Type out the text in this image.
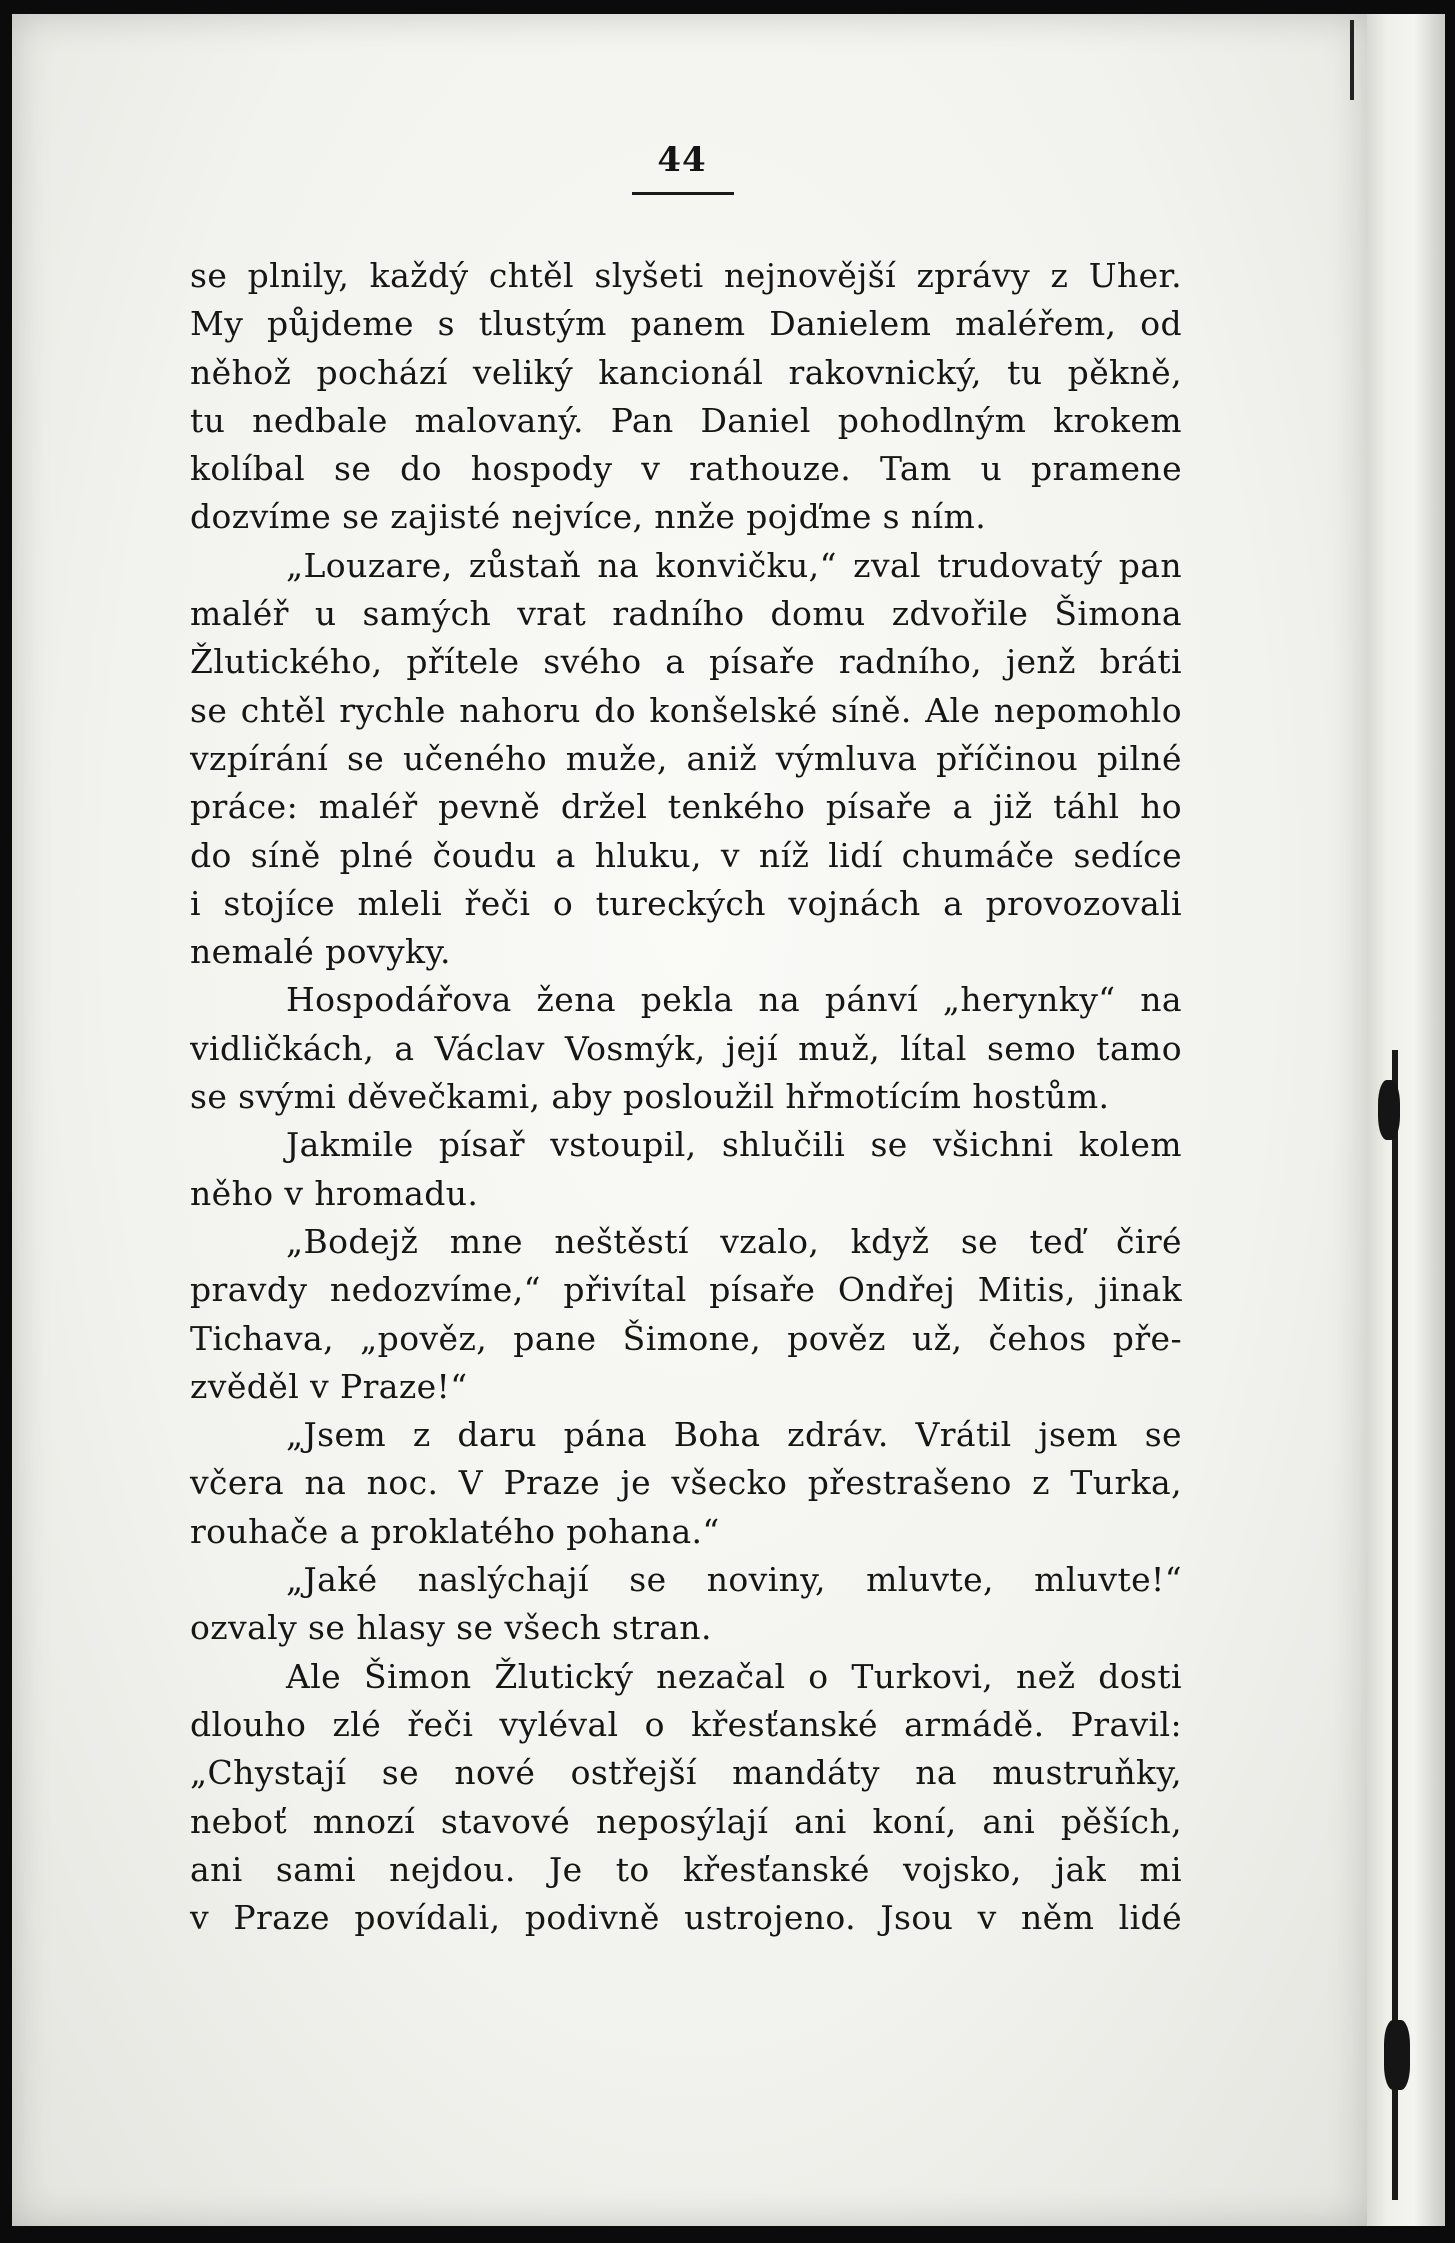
44
se plnily, každý chtěl slyšeti nejnovější zprávy z Uher.
My půjdeme s tlustým panem Danielem maléřem, od
něhož pochází veliký kancionál rakovnický, tu pěkně,
tu nedbale malovaný. Pan Daniel pohodlným krokem
kolíbal se do hospody v rathouze. Tam u pramene
dozvíme se zajisté nejvíce, nnže pojďme s ním.
„Louzare, zůstaň na konvičku,“ zval trudovatý pan
maléř u samých vrat radního domu zdvořile Šimona
Žlutického, přítele svého a písaře radního, jenž bráti
se chtěl rychle nahoru do konšelské síně. Ale nepomohlo
vzpírání se učeného muže, aniž výmluva příčinou pilné
práce: maléř pevně držel tenkého písaře a již táhl ho
do síně plné čoudu a hluku, v níž lidí chumáče sedíce
i stojíce mleli řeči o tureckých vojnách a provozovali
nemalé povyky.
Hospodářova žena pekla na pánví „herynky“ na
vidličkách, a Václav Vosmýk, její muž, lítal semo tamo
se svými děvečkami, aby posloužil hřmotícím hostům.
Jakmile písař vstoupil, shlučili se všichni kolem
něho v hromadu.
„Bodejž mne neštěstí vzalo, když se teď čiré
pravdy nedozvíme,“ přivítal písaře Ondřej Mitis, jinak
Tichava, „pověz, pane Šimone, pověz už, čehos pře-
zvěděl v Praze!“
„Jsem z daru pána Boha zdráv. Vrátil jsem se
včera na noc. V Praze je všecko přestrašeno z Turka,
rouhače a proklatého pohana.“
„Jaké naslýchají se noviny, mluvte, mluvte!“
ozvaly se hlasy se všech stran.
Ale Šimon Žlutický nezačal o Turkovi, než dosti
dlouho zlé řeči vyléval o křesťanské armádě. Pravil:
„Chystají se nové ostřejší mandáty na mustruňky,
neboť mnozí stavové neposýlají ani koní, ani pěších,
ani sami nejdou. Je to křesťanské vojsko, jak mi
v Praze povídali, podivně ustrojeno. Jsou v něm lidé
